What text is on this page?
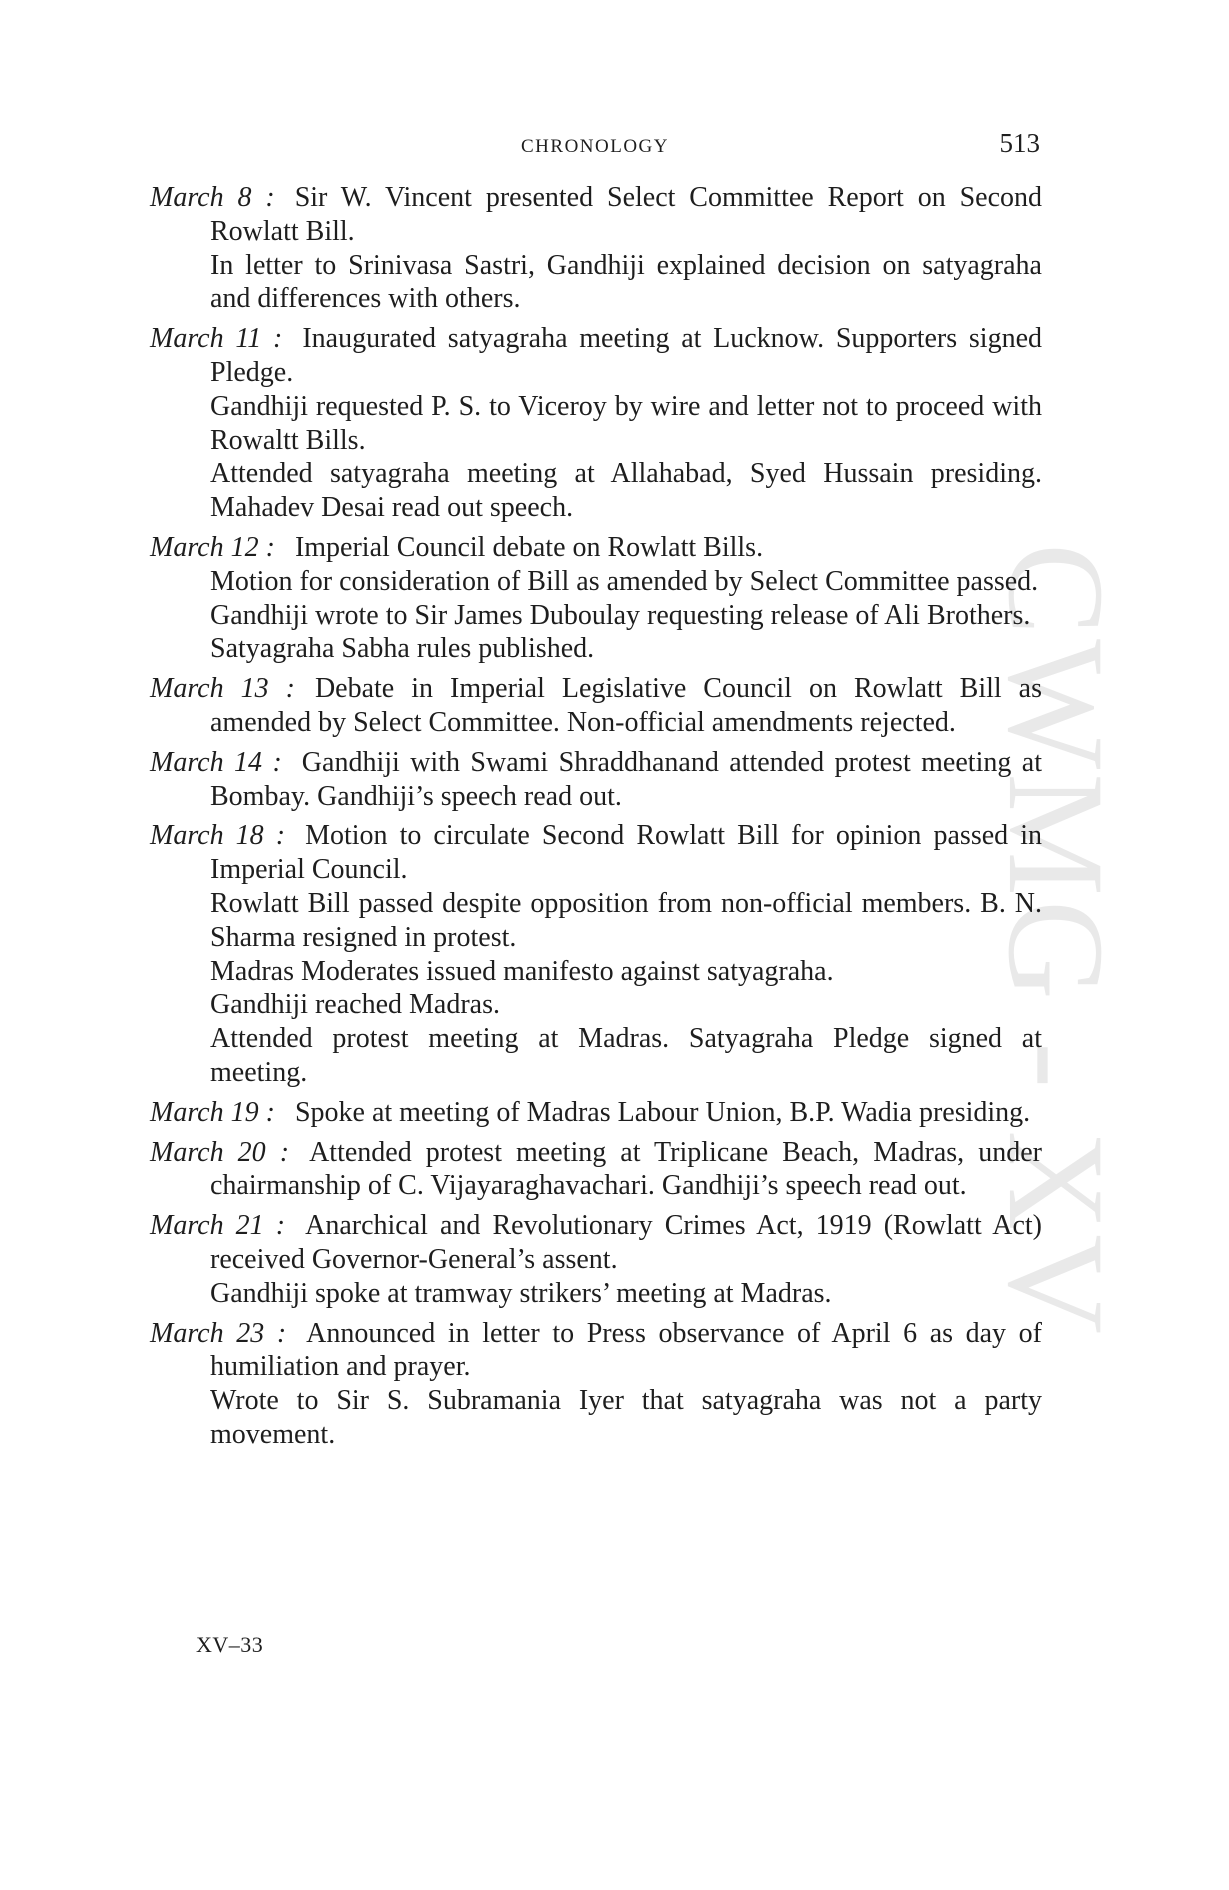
CWMG - XV
CHRONOLOGY	513
March 8 : Sir W. Vincent presented Select Committee Report on Second Rowlatt Bill.
In letter to Srinivasa Sastri, Gandhiji explained decision on satyagraha and differences with others.
March 11 : Inaugurated satyagraha meeting at Lucknow. Supporters signed Pledge.
Gandhiji requested P. S. to Viceroy by wire and letter not to proceed with Rowaltt Bills.
Attended satyagraha meeting at Allahabad, Syed Hussain presiding. Mahadev Desai read out speech.
March 12 : Imperial Council debate on Rowlatt Bills.
Motion for consideration of Bill as amended by Select Committee passed.
Gandhiji wrote to Sir James Duboulay requesting release of Ali Brothers.
Satyagraha Sabha rules published.
March 13 : Debate in Imperial Legislative Council on Rowlatt Bill as amended by Select Committee. Non-official amendments rejected.
March 14 : Gandhiji with Swami Shraddhanand attended protest meeting at Bombay. Gandhiji’s speech read out.
March 18 : Motion to circulate Second Rowlatt Bill for opinion passed in Imperial Council.
Rowlatt Bill passed despite opposition from non-official members. B. N. Sharma resigned in protest.
Madras Moderates issued manifesto against satyagraha.
Gandhiji reached Madras.
Attended protest meeting at Madras. Satyagraha Pledge signed at meeting.
March 19 : Spoke at meeting of Madras Labour Union, B.P. Wadia presiding.
March 20 : Attended protest meeting at Triplicane Beach, Madras, under chairmanship of C. Vijayaraghavachari. Gandhiji’s speech read out.
March 21 : Anarchical and Revolutionary Crimes Act, 1919 (Rowlatt Act) received Governor-General’s assent.
Gandhiji spoke at tramway strikers’ meeting at Madras.
March 23 : Announced in letter to Press observance of April 6 as day of humiliation and prayer.
Wrote to Sir S. Subramania Iyer that satyagraha was not a party movement.
XV–33
